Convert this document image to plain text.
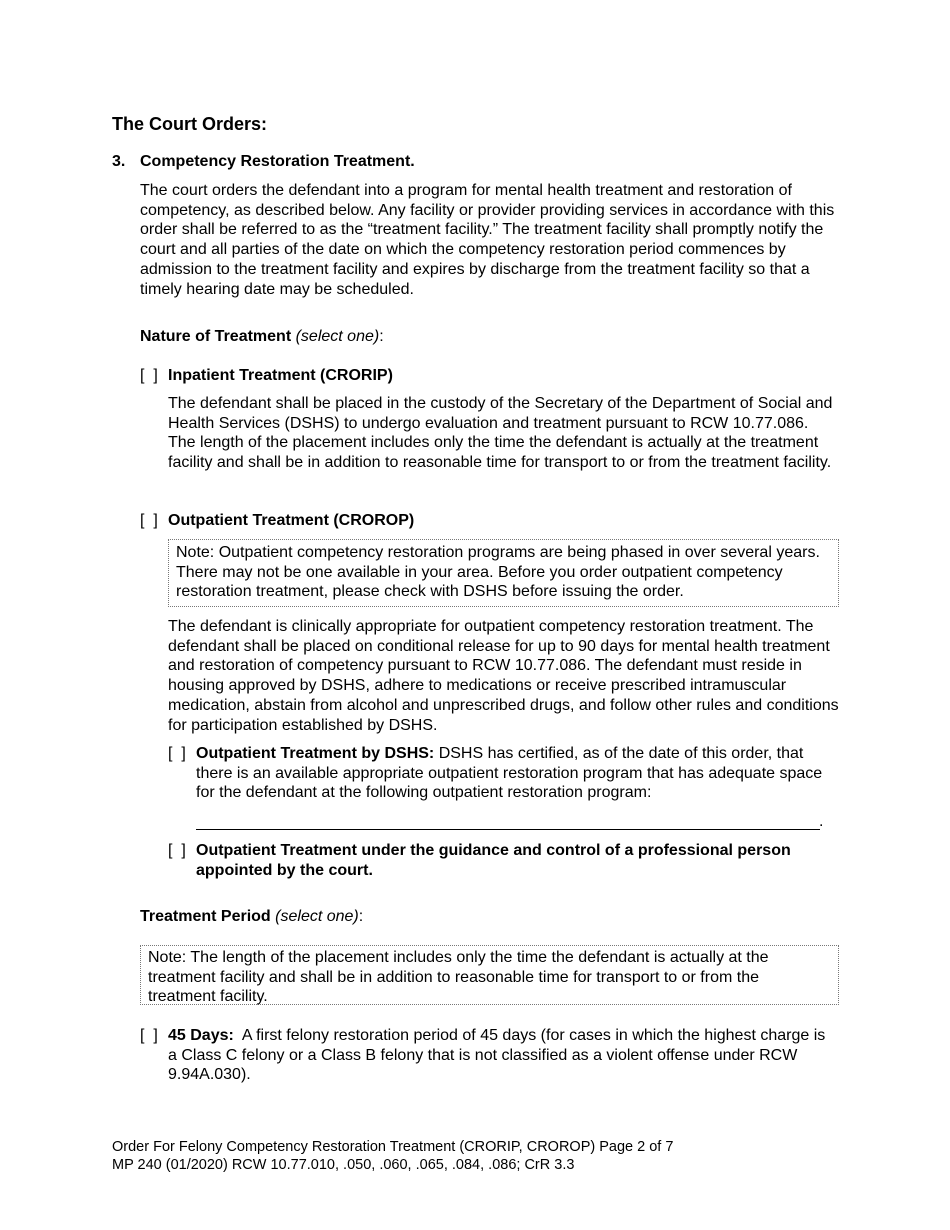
The Court Orders:
3. Competency Restoration Treatment.

The court orders the defendant into a program for mental health treatment and restoration of competency, as described below. Any facility or provider providing services in accordance with this order shall be referred to as the “treatment facility.” The treatment facility shall promptly notify the court and all parties of the date on which the competency restoration period commences by admission to the treatment facility and expires by discharge from the treatment facility so that a timely hearing date may be scheduled.

Nature of Treatment (select one):
[  ] Inpatient Treatment (CRORIP)

The defendant shall be placed in the custody of the Secretary of the Department of Social and Health Services (DSHS) to undergo evaluation and treatment pursuant to RCW 10.77.086. The length of the placement includes only the time the defendant is actually at the treatment facility and shall be in addition to reasonable time for transport to or from the treatment facility.

[  ] Outpatient Treatment (CROROP)
Note: Outpatient competency restoration programs are being phased in over several years. There may not be one available in your area. Before you order outpatient competency restoration treatment, please check with DSHS before issuing the order.

The defendant is clinically appropriate for outpatient competency restoration treatment. The defendant shall be placed on conditional release for up to 90 days for mental health treatment and restoration of competency pursuant to RCW 10.77.086. The defendant must reside in housing approved by DSHS, adhere to medications or receive prescribed intramuscular medication, abstain from alcohol and unprescribed drugs, and follow other rules and conditions for participation established by DSHS.

[  ] Outpatient Treatment by DSHS: DSHS has certified, as of the date of this order, that there is an available appropriate outpatient restoration program that has adequate space for the defendant at the following outpatient restoration program:

.
[  ] Outpatient Treatment under the guidance and control of a professional person appointed by the court.

Treatment Period (select one):
Note: The length of the placement includes only the time the defendant is actually at the treatment facility and shall be in addition to reasonable time for transport to or from the treatment facility.
[  ] 45 Days: A first felony restoration period of 45 days (for cases in which the highest charge is a Class C felony or a Class B felony that is not classified as a violent offense under RCW 9.94A.030).

Order For Felony Competency Restoration Treatment (CRORIP, CROROP) Page 2 of 7
MP 240 (01/2020) RCW 10.77.010, .050, .060, .065, .084, .086; CrR 3.3
